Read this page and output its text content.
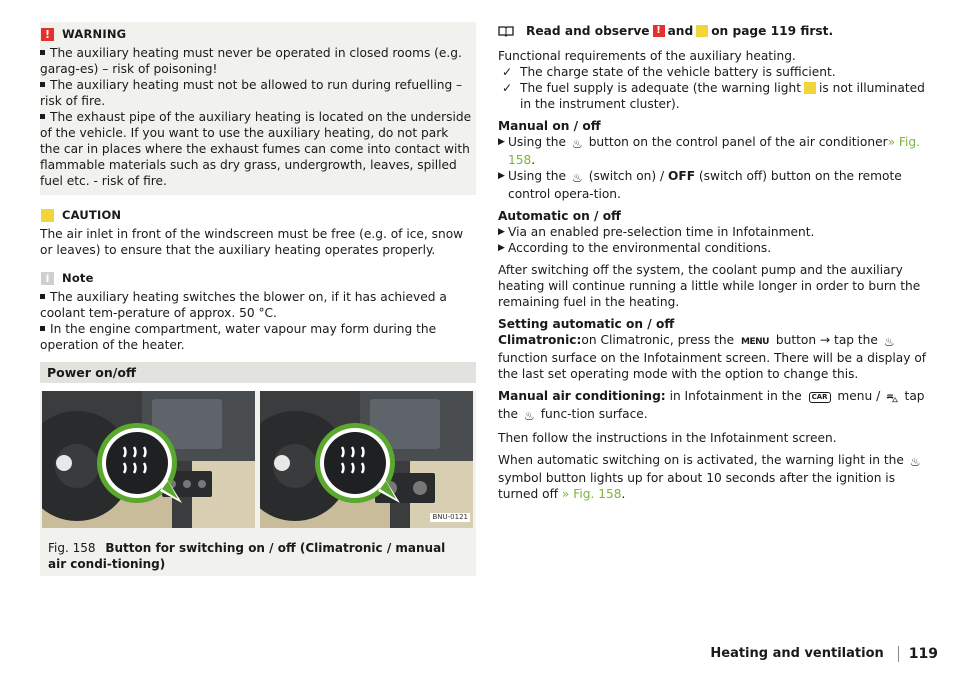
!	WARNING

The auxiliary heating must never be operated in closed rooms (e.g. garag-es) – risk of poisoning!

The auxiliary heating must not be allowed to run during refuelling – risk of fire.

The exhaust pipe of the auxiliary heating is located on the underside of the vehicle. If you want to use the auxiliary heating, do not park the car in places where the exhaust fumes can come into contact with flammable materials such as dry grass, undergrowth, leaves, spilled fuel etc. - risk of fire.

CAUTION

The air inlet in front of the windscreen must be free (e.g. of ice, snow or leaves) to ensure that the auxiliary heating operates properly.

i	Note

The auxiliary heating switches the blower on, if it has achieved a coolant tem-perature of approx. 50 °C.

In the engine compartment, water vapour may form during the operation of the heater.

Power on/off
BNU-0121
Fig. 158 Button for switching on / off (Climatronic / manual air condi-tioning)
Read and observe ! and on page 119 first.

Functional requirements of the auxiliary heating.

✓ The charge state of the vehicle battery is sufficient.
✓ The fuel supply is adequate (the warning light is not illuminated in the instrument cluster).

Manual on / off

▶ Using the ♨ button on the control panel of the air conditioner» Fig. 158.
▶ Using the ♨ (switch on) / OFF (switch off) button on the remote control opera-tion.

Automatic on / off

▶ Via an enabled pre-selection time in Infotainment.
▶ According to the environmental conditions.

After switching off the system, the coolant pump and the auxiliary heating will continue running a little while longer in order to burn the remaining fuel in the heating.

Setting automatic on / off

Climatronic:on Climatronic, press the MENU button → tap the ♨ function surface on the Infotainment screen. There will be a display of the last set operating mode with the option to change this.

Manual air conditioning: in Infotainment in the CAR menu / ⛍ tap the ♨ func-tion surface.

Then follow the instructions in the Infotainment screen.

When automatic switching on is activated, the warning light in the ♨ symbol button lights up for about 10 seconds after the ignition is turned off » Fig. 158.

Heating and ventilation 119
